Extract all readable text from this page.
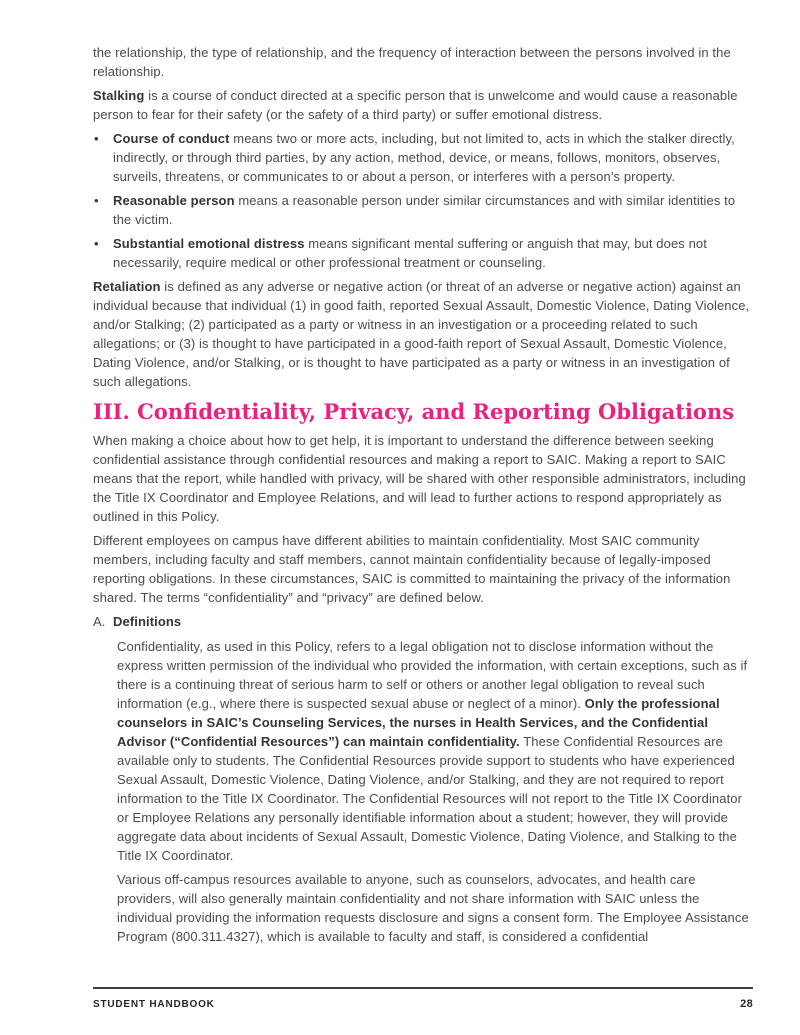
the relationship, the type of relationship, and the frequency of interaction between the persons involved in the relationship.

Stalking is a course of conduct directed at a specific person that is unwelcome and would cause a reasonable person to fear for their safety (or the safety of a third party) or suffer emotional distress.

• Course of conduct means two or more acts, including, but not limited to, acts in which the stalker directly, indirectly, or through third parties, by any action, method, device, or means, follows, monitors, observes, surveils, threatens, or communicates to or about a person, or interferes with a person’s property.
• Reasonable person means a reasonable person under similar circumstances and with similar identities to the victim.
• Substantial emotional distress means significant mental suffering or anguish that may, but does not necessarily, require medical or other professional treatment or counseling.

Retaliation is defined as any adverse or negative action (or threat of an adverse or negative action) against an individual because that individual (1) in good faith, reported Sexual Assault, Domestic Violence, Dating Violence, and/or Stalking; (2) participated as a party or witness in an investigation or a proceeding related to such allegations; or (3) is thought to have participated in a good-faith report of Sexual Assault, Domestic Violence, Dating Violence, and/or Stalking, or is thought to have participated as a party or witness in an investigation of such allegations.

III. Confidentiality, Privacy, and Reporting Obligations

When making a choice about how to get help, it is important to understand the difference between seeking confidential assistance through confidential resources and making a report to SAIC. Making a report to SAIC means that the report, while handled with privacy, will be shared with other responsible administrators, including the Title IX Coordinator and Employee Relations, and will lead to further actions to respond appropriately as outlined in this Policy.

Different employees on campus have different abilities to maintain confidentiality. Most SAIC community members, including faculty and staff members, cannot maintain confidentiality because of legally-imposed reporting obligations. In these circumstances, SAIC is committed to maintaining the privacy of the information shared. The terms “confidentiality” and “privacy” are defined below.

A. Definitions

Confidentiality, as used in this Policy, refers to a legal obligation not to disclose information without the express written permission of the individual who provided the information, with certain exceptions, such as if there is a continuing threat of serious harm to self or others or another legal obligation to reveal such information (e.g., where there is suspected sexual abuse or neglect of a minor). Only the professional counselors in SAIC’s Counseling Services, the nurses in Health Services, and the Confidential Advisor (“Confidential Resources”) can maintain confidentiality. These Confidential Resources are available only to students. The Confidential Resources provide support to students who have experienced Sexual Assault, Domestic Violence, Dating Violence, and/or Stalking, and they are not required to report information to the Title IX Coordinator. The Confidential Resources will not report to the Title IX Coordinator or Employee Relations any personally identifiable information about a student; however, they will provide aggregate data about incidents of Sexual Assault, Domestic Violence, Dating Violence, and Stalking to the Title IX Coordinator.

Various off-campus resources available to anyone, such as counselors, advocates, and health care providers, will also generally maintain confidentiality and not share information with SAIC unless the individual providing the information requests disclosure and signs a consent form. The Employee Assistance Program (800.311.4327), which is available to faculty and staff, is considered a confidential

STUDENT HANDBOOK	28
